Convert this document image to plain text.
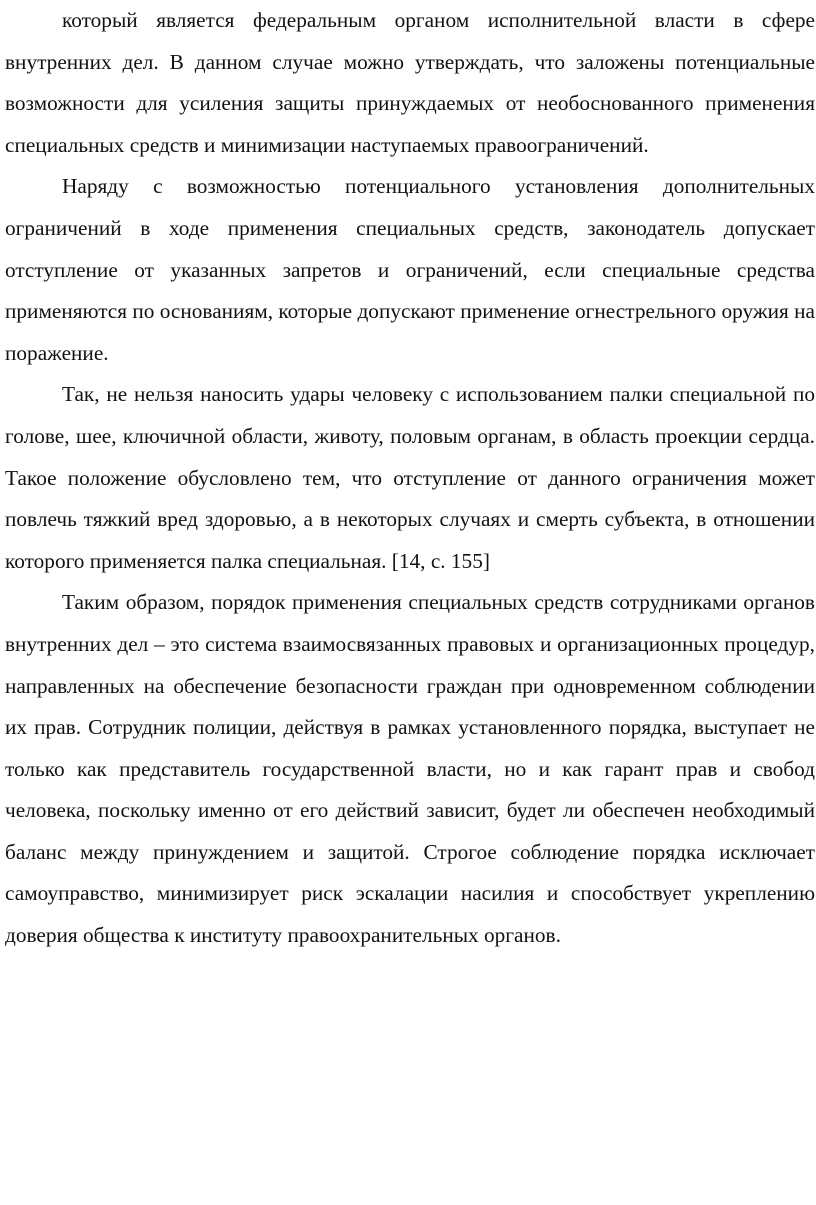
который является федеральным органом исполнительной власти в сфере внутренних дел. В данном случае можно утверждать, что заложены потенциальные возможности для усиления защиты принуждаемых от необоснованного применения специальных средств и минимизации наступаемых правоограничений.

Наряду с возможностью потенциального установления дополнительных ограничений в ходе применения специальных средств, законодатель допускает отступление от указанных запретов и ограничений, если специальные средства применяются по основаниям, которые допускают применение огнестрельного оружия на поражение.

Так, не нельзя наносить удары человеку с использованием палки специальной по голове, шее, ключичной области, животу, половым органам, в область проекции сердца. Такое положение обусловлено тем, что отступление от данного ограничения может повлечь тяжкий вред здоровью, а в некоторых случаях и смерть субъекта, в отношении которого применяется палка специальная. [14, с. 155]

Таким образом, порядок применения специальных средств сотрудниками органов внутренних дел – это система взаимосвязанных правовых и организационных процедур, направленных на обеспечение безопасности граждан при одновременном соблюдении их прав. Сотрудник полиции, действуя в рамках установленного порядка, выступает не только как представитель государственной власти, но и как гарант прав и свобод человека, поскольку именно от его действий зависит, будет ли обеспечен необходимый баланс между принуждением и защитой. Строгое соблюдение порядка исключает самоуправство, минимизирует риск эскалации насилия и способствует укреплению доверия общества к институту правоохранительных органов.
